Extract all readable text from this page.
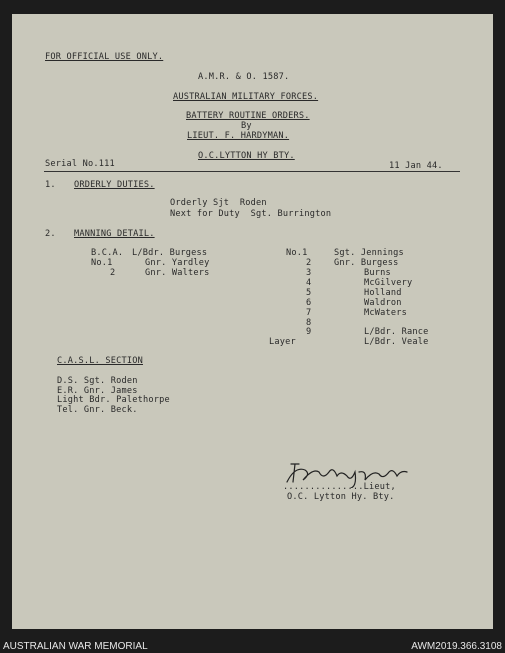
FOR OFFICIAL USE ONLY.
A.M.R. & O. 1587.
AUSTRALIAN MILITARY FORCES.
BATTERY ROUTINE ORDERS.
By
LIEUT. F. HARDYMAN.
O.C.LYTTON HY BTY.
Serial No.111	11 Jan 44.
1. ORDERLY DUTIES.
Orderly Sjt  Roden
Next for Duty  Sgt. Burrington
2. MANNING DETAIL.
B.C.A.
No.1
2
L/Bdr. Burgess
Gnr. Yardley
Gnr. Walters
No.1
2
3
4
5
6
7
8
9
Layer
Sgt. Jennings
Gnr. Burgess
Burns
McGilvery
Holland
Waldron
McWaters
L/Bdr. Rance
L/Bdr. Veale
C.A.S.L. SECTION
D.S. Sgt. Roden
E.R. Gnr. James
Light Bdr. Palethorpe
Tel. Gnr. Beck.
...............Lieut,
O.C. Lytton Hy. Bty.
AUSTRALIAN WAR MEMORIAL	AWM2019.366.3108
